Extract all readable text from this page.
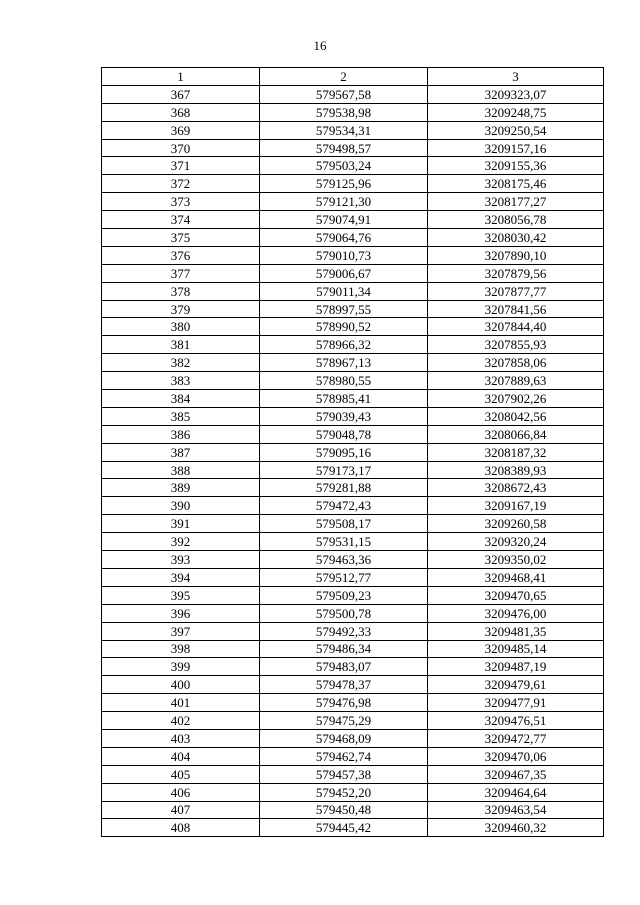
16
1	2	3
367	579567,58	3209323,07
368	579538,98	3209248,75
369	579534,31	3209250,54
370	579498,57	3209157,16
371	579503,24	3209155,36
372	579125,96	3208175,46
373	579121,30	3208177,27
374	579074,91	3208056,78
375	579064,76	3208030,42
376	579010,73	3207890,10
377	579006,67	3207879,56
378	579011,34	3207877,77
379	578997,55	3207841,56
380	578990,52	3207844,40
381	578966,32	3207855,93
382	578967,13	3207858,06
383	578980,55	3207889,63
384	578985,41	3207902,26
385	579039,43	3208042,56
386	579048,78	3208066,84
387	579095,16	3208187,32
388	579173,17	3208389,93
389	579281,88	3208672,43
390	579472,43	3209167,19
391	579508,17	3209260,58
392	579531,15	3209320,24
393	579463,36	3209350,02
394	579512,77	3209468,41
395	579509,23	3209470,65
396	579500,78	3209476,00
397	579492,33	3209481,35
398	579486,34	3209485,14
399	579483,07	3209487,19
400	579478,37	3209479,61
401	579476,98	3209477,91
402	579475,29	3209476,51
403	579468,09	3209472,77
404	579462,74	3209470,06
405	579457,38	3209467,35
406	579452,20	3209464,64
407	579450,48	3209463,54
408	579445,42	3209460,32
